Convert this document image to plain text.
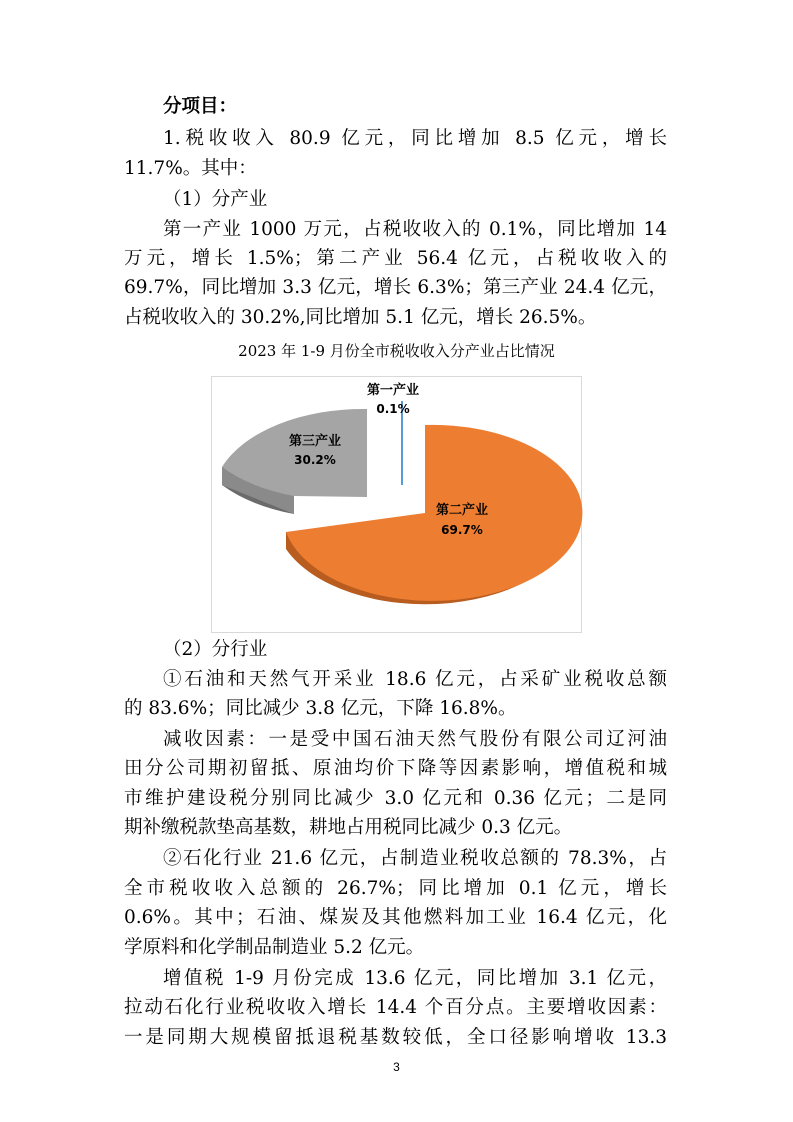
分项目：
1.税收收入 80.9 亿元，同比增加 8.5 亿元，增长
11.7%。其中：
（1）分产业
第一产业 1000 万元，占税收收入的 0.1%，同比增加 14
万元，增长 1.5%；第二产业 56.4 亿元，占税收收入的
69.7%，同比增加 3.3 亿元，增长 6.3%；第三产业 24.4 亿元，
占税收收入的 30.2%,同比增加 5.1 亿元，增长 26.5%。
2023 年 1-9 月份全市税收收入分产业占比情况
第一产业
0.1%
第三产业
30.2%
第二产业
69.7%
（2）分行业
①石油和天然气开采业 18.6 亿元，占采矿业税收总额
的 83.6%；同比减少 3.8 亿元，下降 16.8%。
减收因素：一是受中国石油天然气股份有限公司辽河油
田分公司期初留抵、原油均价下降等因素影响，增值税和城
市维护建设税分别同比减少 3.0 亿元和 0.36 亿元；二是同
期补缴税款垫高基数，耕地占用税同比减少 0.3 亿元。
②石化行业 21.6 亿元，占制造业税收总额的 78.3%，占
全市税收收入总额的 26.7%；同比增加 0.1 亿元，增长
0.6%。其中；石油、煤炭及其他燃料加工业 16.4 亿元，化
学原料和化学制品制造业 5.2 亿元。
增值税 1-9 月份完成 13.6 亿元，同比增加 3.1 亿元，
拉动石化行业税收收入增长 14.4 个百分点。主要增收因素：
一是同期大规模留抵退税基数较低，全口径影响增收 13.3
3
